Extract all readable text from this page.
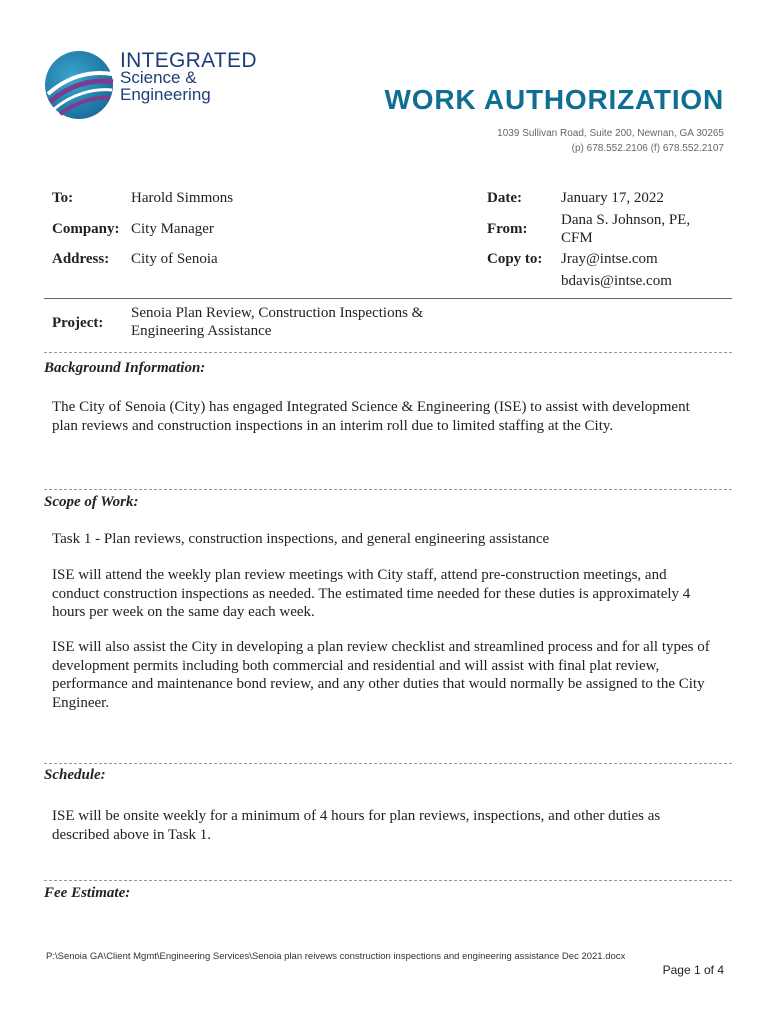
INTEGRATED
Science &
Engineering	WORK AUTHORIZATION
1039 Sullivan Road, Suite 200, Newnan, GA 30265
(p) 678.552.2106 (f) 678.552.2107
To:	Harold Simmons
Company: City Manager
Address: City of Senoia
Date:	January 17, 2022
From:
Dana S. Johnson, PE,
CFM
Copy to: Jray@intse.com
bdavis@intse.com
Project:
Senoia Plan Review, Construction Inspections &
Engineering Assistance
Background Information:
The City of Senoia (City) has engaged Integrated Science & Engineering (ISE) to assist with development plan reviews and construction inspections in an interim roll due to limited staffing at the City.
Scope of Work:
Task 1 - Plan reviews, construction inspections, and general engineering assistance
ISE will attend the weekly plan review meetings with City staff, attend pre-construction meetings, and conduct construction inspections as needed. The estimated time needed for these duties is approximately 4 hours per week on the same day each week.
ISE will also assist the City in developing a plan review checklist and streamlined process and for all types of development permits including both commercial and residential and will assist with final plat review, performance and maintenance bond review, and any other duties that would normally be assigned to the City Engineer.
Schedule:
ISE will be onsite weekly for a minimum of 4 hours for plan reviews, inspections, and other duties as described above in Task 1.
Fee Estimate:
P:\Senoia GA\Client Mgmt\Engineering Services\Senoia plan reivews construction inspections and engineering assistance Dec 2021.docx
Page 1 of 4
